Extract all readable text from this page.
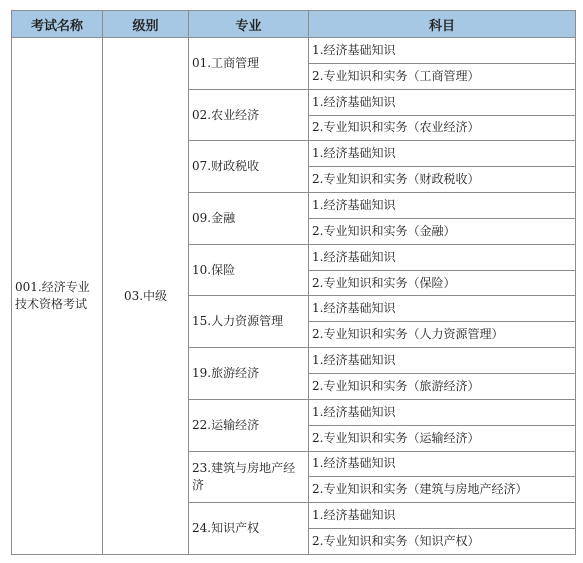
考试名称	级别	专业	科目
001.经济专业技术资格考试	03.中级	01.工商管理	1.经济基础知识
			2.专业知识和实务（工商管理）
		02.农业经济	1.经济基础知识
			2.专业知识和实务（农业经济）
		07.财政税收	1.经济基础知识
			2.专业知识和实务（财政税收）
		09.金融	1.经济基础知识
			2.专业知识和实务（金融）
		10.保险	1.经济基础知识
			2.专业知识和实务（保险）
		15.人力资源管理	1.经济基础知识
			2.专业知识和实务（人力资源管理）
		19.旅游经济	1.经济基础知识
			2.专业知识和实务（旅游经济）
		22.运输经济	1.经济基础知识
			2.专业知识和实务（运输经济）
		23.建筑与房地产经济	1.经济基础知识
			2.专业知识和实务（建筑与房地产经济）
		24.知识产权	1.经济基础知识
			2.专业知识和实务（知识产权）
